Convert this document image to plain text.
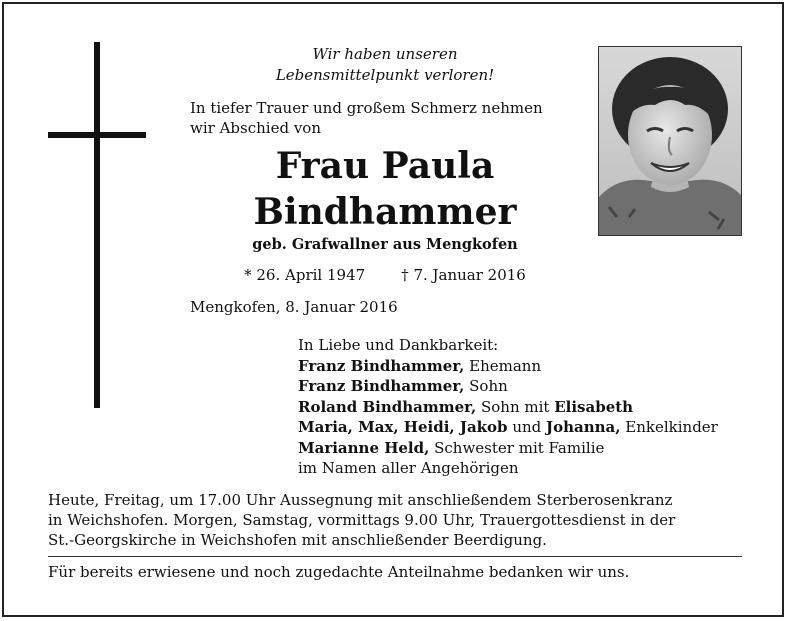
Wir haben unseren
Lebensmittelpunkt verloren!
In tiefer Trauer und großem Schmerz nehmen
wir Abschied von
Frau Paula
Bindhammer
geb. Grafwallner aus Mengkofen
* 26. April 1947 † 7. Januar 2016
Mengkofen, 8. Januar 2016
In Liebe und Dankbarkeit:
Franz Bindhammer, Ehemann
Franz Bindhammer, Sohn
Roland Bindhammer, Sohn mit Elisabeth
Maria, Max, Heidi, Jakob und Johanna, Enkelkinder
Marianne Held, Schwester mit Familie
im Namen aller Angehörigen
Heute, Freitag, um 17.00 Uhr Aussegnung mit anschließendem Sterberosenkranz
in Weichshofen. Morgen, Samstag, vormittags 9.00 Uhr, Trauergottesdienst in der
St.-Georgskirche in Weichshofen mit anschließender Beerdigung.
Für bereits erwiesene und noch zugedachte Anteilnahme bedanken wir uns.
